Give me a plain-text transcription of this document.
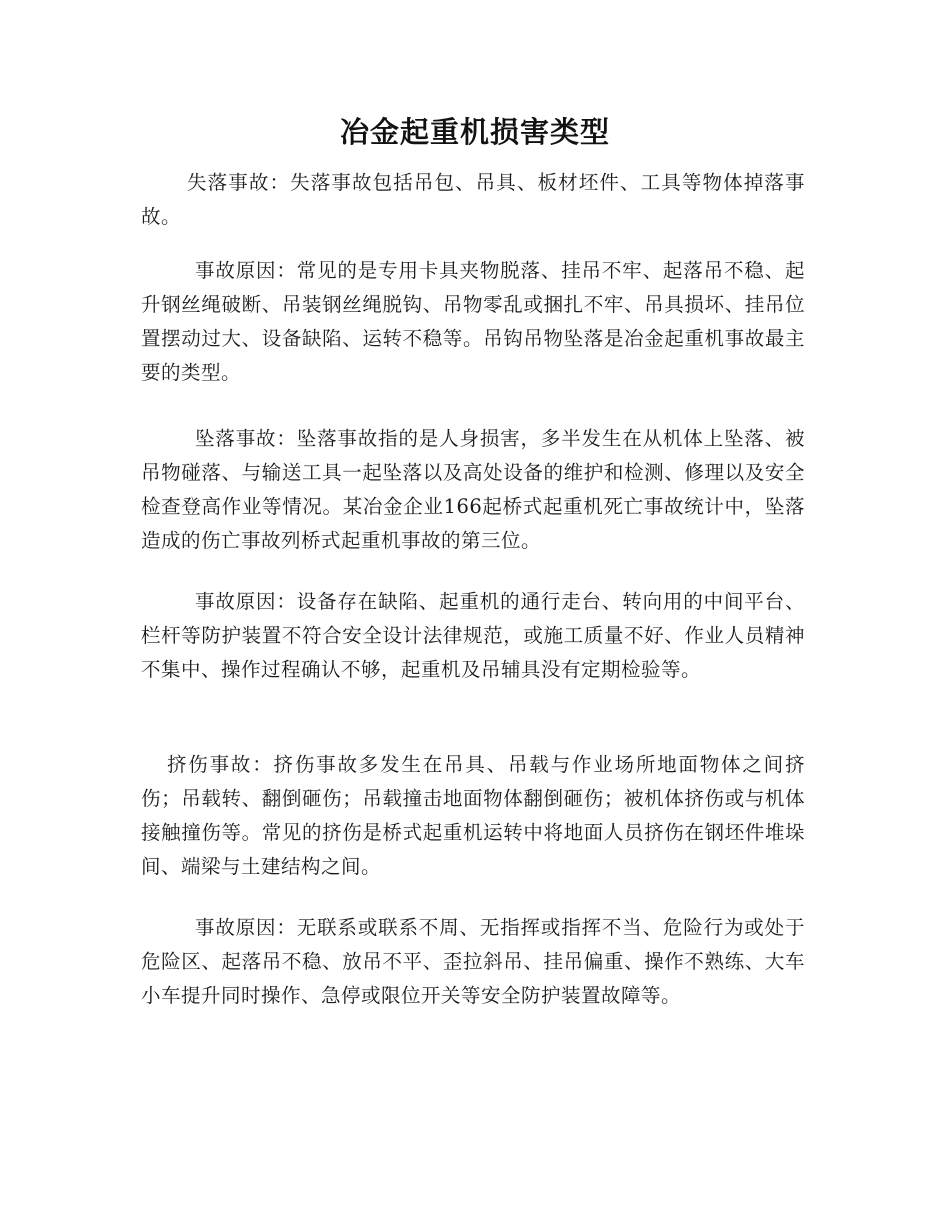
冶金起重机损害类型

失落事故：失落事故包括吊包、吊具、板材坯件、工具等物体掉落事故。

事故原因：常见的是专用卡具夹物脱落、挂吊不牢、起落吊不稳、起升钢丝绳破断、吊装钢丝绳脱钩、吊物零乱或捆扎不牢、吊具损坏、挂吊位置摆动过大、设备缺陷、运转不稳等。吊钩吊物坠落是冶金起重机事故最主要的类型。

坠落事故：坠落事故指的是人身损害，多半发生在从机体上坠落、被吊物碰落、与输送工具一起坠落以及高处设备的维护和检测、修理以及安全检查登高作业等情况。某冶金企业166起桥式起重机死亡事故统计中，坠落造成的伤亡事故列桥式起重机事故的第三位。

事故原因：设备存在缺陷、起重机的通行走台、转向用的中间平台、栏杆等防护装置不符合安全设计法律规范，或施工质量不好、作业人员精神不集中、操作过程确认不够，起重机及吊辅具没有定期检验等。

挤伤事故：挤伤事故多发生在吊具、吊载与作业场所地面物体之间挤伤；吊载转、翻倒砸伤；吊载撞击地面物体翻倒砸伤；被机体挤伤或与机体接触撞伤等。常见的挤伤是桥式起重机运转中将地面人员挤伤在钢坯件堆垛间、端梁与土建结构之间。

事故原因：无联系或联系不周、无指挥或指挥不当、危险行为或处于危险区、起落吊不稳、放吊不平、歪拉斜吊、挂吊偏重、操作不熟练、大车小车提升同时操作、急停或限位开关等安全防护装置故障等。
